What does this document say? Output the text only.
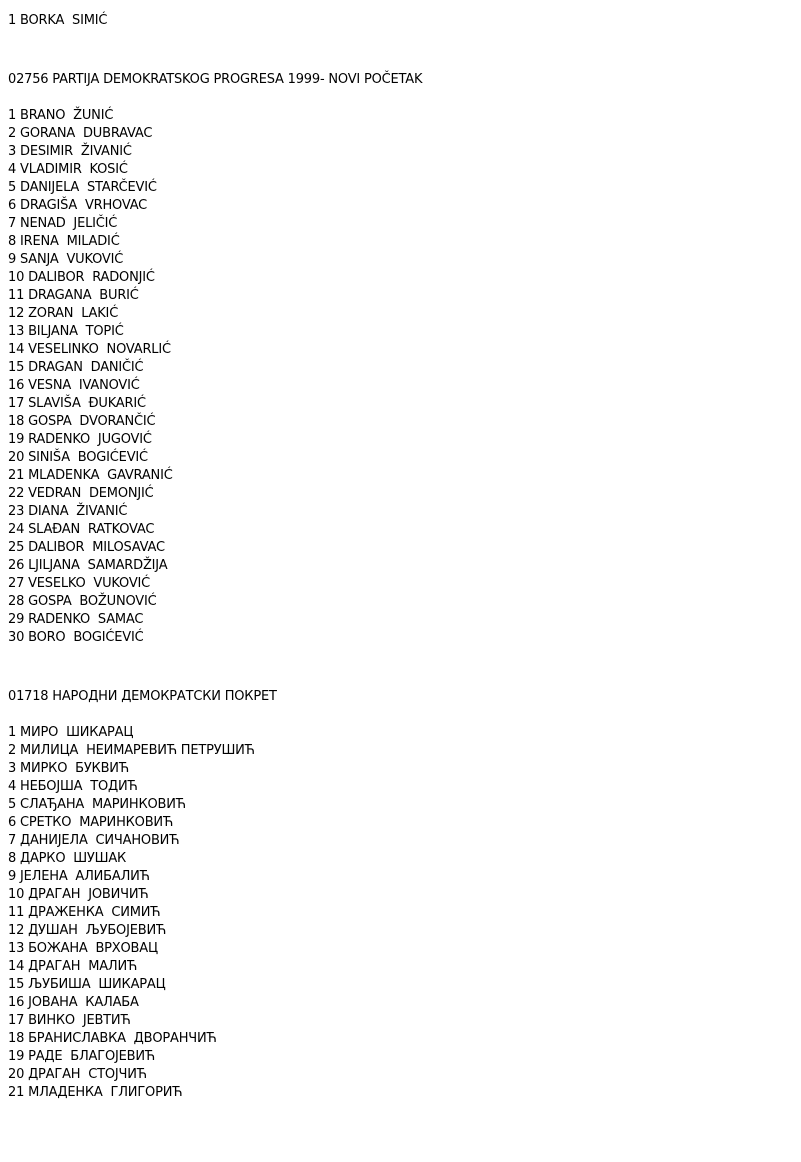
1 BORKA  SIMIĆ
02756 PARTIJA DEMOKRATSKOG PROGRESA 1999- NOVI POČETAK
1 BRANO  ŽUNIĆ
2 GORANA  DUBRAVAC
3 DESIMIR  ŽIVANIĆ
4 VLADIMIR  KOSIĆ
5 DANIJELA  STARČEVIĆ
6 DRAGIŠA  VRHOVAC
7 NENAD  JELIČIĆ
8 IRENA  MILADIĆ
9 SANJA  VUKOVIĆ
10 DALIBOR  RADONJIĆ
11 DRAGANA  BURIĆ
12 ZORAN  LAKIĆ
13 BILJANA  TOPIĆ
14 VESELINKO  NOVARLIĆ
15 DRAGAN  DANIČIĆ
16 VESNA  IVANOVIĆ
17 SLAVIŠA  ĐUKARIĆ
18 GOSPA  DVORANČIĆ
19 RADENKO  JUGOVIĆ
20 SINIŠA  BOGIĆEVIĆ
21 MLADENKA  GAVRANIĆ
22 VEDRAN  DEMONJIĆ
23 DIANA  ŽIVANIĆ
24 SLAĐAN  RATKOVAC
25 DALIBOR  MILOSAVAC
26 LJILJANA  SAMARDŽIJA
27 VESELKO  VUKOVIĆ
28 GOSPA  BOŽUNOVIĆ
29 RADENKO  SAMAC
30 BORO  BOGIĆEVIĆ
01718 НАРОДНИ ДЕМОКРАТСКИ ПОКРЕТ
1 МИРО  ШИКАРАЦ
2 МИЛИЦА  НЕИМАРЕВИЋ ПЕТРУШИЋ
3 МИРКО  БУКВИЋ
4 НЕБОЈША  ТОДИЋ
5 СЛАЂАНА  МАРИНКОВИЋ
6 СРЕТКО  МАРИНКОВИЋ
7 ДАНИЈЕЛА  СИЧАНОВИЋ
8 ДАРКО  ШУШАК
9 ЈЕЛЕНА  АЛИБАЛИЋ
10 ДРАГАН  ЈОВИЧИЋ
11 ДРАЖЕНКА  СИМИЋ
12 ДУШАН  ЉУБОЈЕВИЋ
13 БОЖАНА  ВРХОВАЦ
14 ДРАГАН  МАЛИЋ
15 ЉУБИША  ШИКАРАЦ
16 ЈОВАНА  КАЛАБА
17 ВИНКО  ЈЕВТИЋ
18 БРАНИСЛАВКА  ДВОРАНЧИЋ
19 РАДЕ  БЛАГОЈЕВИЋ
20 ДРАГАН  СТОЈЧИЋ
21 МЛАДЕНКА  ГЛИГОРИЋ
